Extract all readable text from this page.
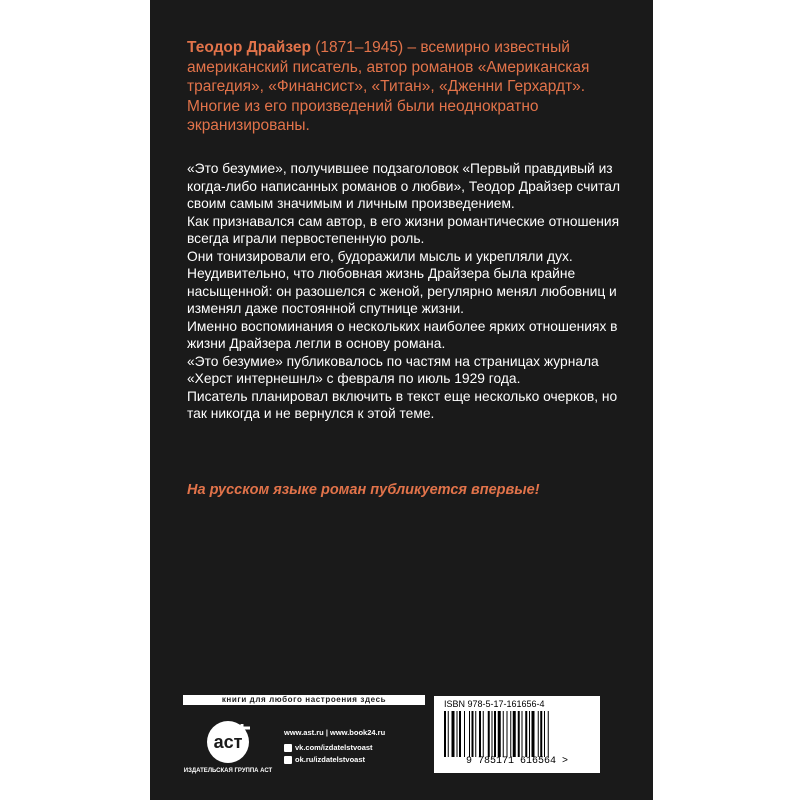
Теодор Драйзер (1871–1945) – всемирно известный американский писатель, автор романов «Американская трагедия», «Финансист», «Титан», «Дженни Герхардт». Многие из его произведений были неоднократно экранизированы.

«Это безумие», получившее подзаголовок «Первый правдивый из когда-либо написанных романов о любви», Теодор Драйзер считал своим самым значимым и личным произведением.

Как признавался сам автор, в его жизни романтические отношения всегда играли первостепенную роль.

Они тонизировали его, будоражили мысль и укрепляли дух. Неудивительно, что любовная жизнь Драйзера была крайне насыщенной: он разошелся с женой, регулярно менял любовниц и изменял даже постоянной спутнице жизни.

Именно воспоминания о нескольких наиболее ярких отношениях в жизни Драйзера легли в основу романа.

«Это безумие» публиковалось по частям на страницах журнала «Херст интернешнл» с февраля по июль 1929 года.

Писатель планировал включить в текст еще несколько очерков, но так никогда и не вернулся к этой теме.

На русском языке роман публикуется впервые!

книги для любого настроения здесь
аст
ИЗДАТЕЛЬСКАЯ ГРУППА АСТ
www.ast.ru | www.book24.ru
vk.com/izdatelstvoast
ok.ru/izdatelstvoast
ISBN 978-5-17-161656-4
9 785171 616564 >
